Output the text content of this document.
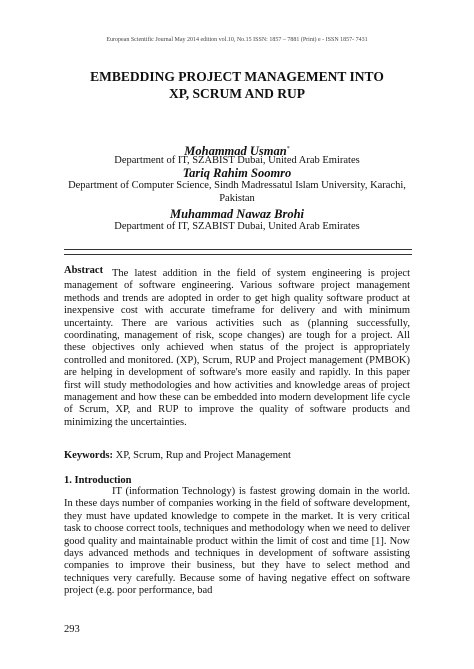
European Scientific Journal May 2014 edition vol.10, No.15 ISSN: 1857 – 7881 (Print) e - ISSN 1857- 7431
EMBEDDING PROJECT MANAGEMENT INTO
XP, SCRUM AND RUP
Mohammad Usman*
Department of IT, SZABIST Dubai, United Arab Emirates
Tariq Rahim Soomro
Department of Computer Science, Sindh Madressatul Islam University, Karachi, Pakistan
Muhammad Nawaz Brohi
Department of IT, SZABIST Dubai, United Arab Emirates
Abstract The latest addition in the field of system engineering is project management of software engineering. Various software project management methods and trends are adopted in order to get high quality software product at inexpensive cost with accurate timeframe for delivery and with minimum uncertainty. There are various activities such as (planning successfully, coordinating, management of risk, scope changes) are tough for a project. All these objectives only achieved when status of the project is appropriately controlled and monitored. (XP), Scrum, RUP and Project management (PMBOK) are helping in development of software's more easily and rapidly. In this paper first will study methodologies and how activities and knowledge areas of project management and how these can be embedded into modern development life cycle of Scrum, XP, and RUP to improve the quality of software products and minimizing the uncertainties.
Keywords: XP, Scrum, Rup and Project Management
1. Introduction
IT (information Technology) is fastest growing domain in the world. In these days number of companies working in the field of software development, they must have updated knowledge to compete in the market. It is very critical task to choose correct tools, techniques and methodology when we need to deliver good quality and maintainable product within the limit of cost and time [1]. Now days advanced methods and techniques in development of software assisting companies to improve their business, but they have to select method and techniques very carefully. Because some of having negative effect on software project (e.g. poor performance, bad
293
